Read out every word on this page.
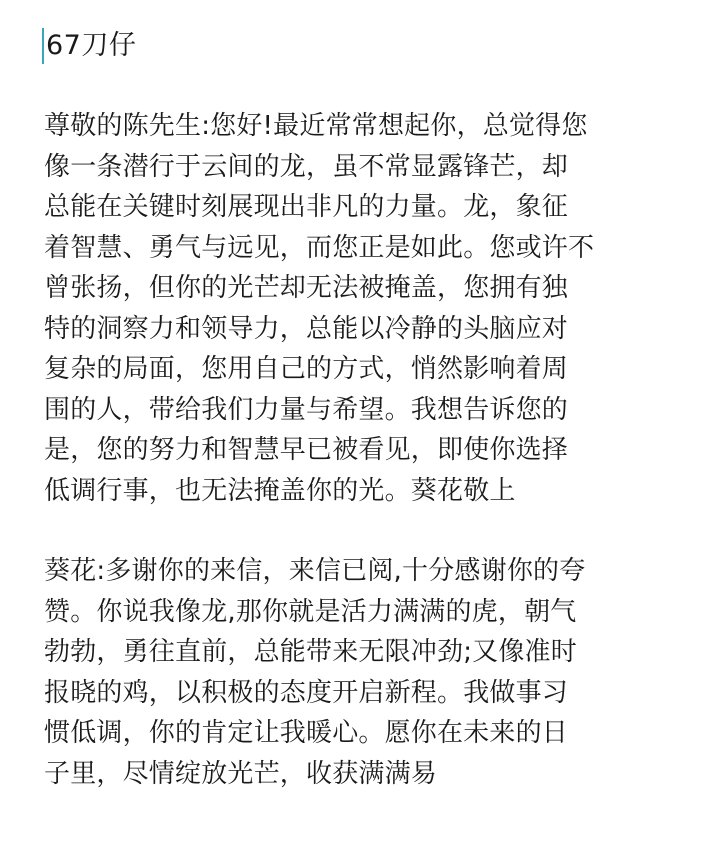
67刀仔

尊敬的陈先生:您好!最近常常想起你，总觉得您
像一条潜行于云间的龙，虽不常显露锋芒，却
总能在关键时刻展现出非凡的力量。龙，象征
着智慧、勇气与远见，而您正是如此。您或许不
曾张扬，但你的光芒却无法被掩盖，您拥有独
特的洞察力和领导力，总能以冷静的头脑应对
复杂的局面，您用自己的方式，悄然影响着周
围的人，带给我们力量与希望。我想告诉您的
是，您的努力和智慧早已被看见，即使你选择
低调行事，也无法掩盖你的光。葵花敬上

葵花:多谢你的来信，来信已阅,十分感谢你的夸
赞。你说我像龙,那你就是活力满满的虎，朝气
勃勃，勇往直前，总能带来无限冲劲;又像准时
报晓的鸡，以积极的态度开启新程。我做事习
惯低调，你的肯定让我暖心。愿你在未来的日
子里，尽情绽放光芒，收获满满易
